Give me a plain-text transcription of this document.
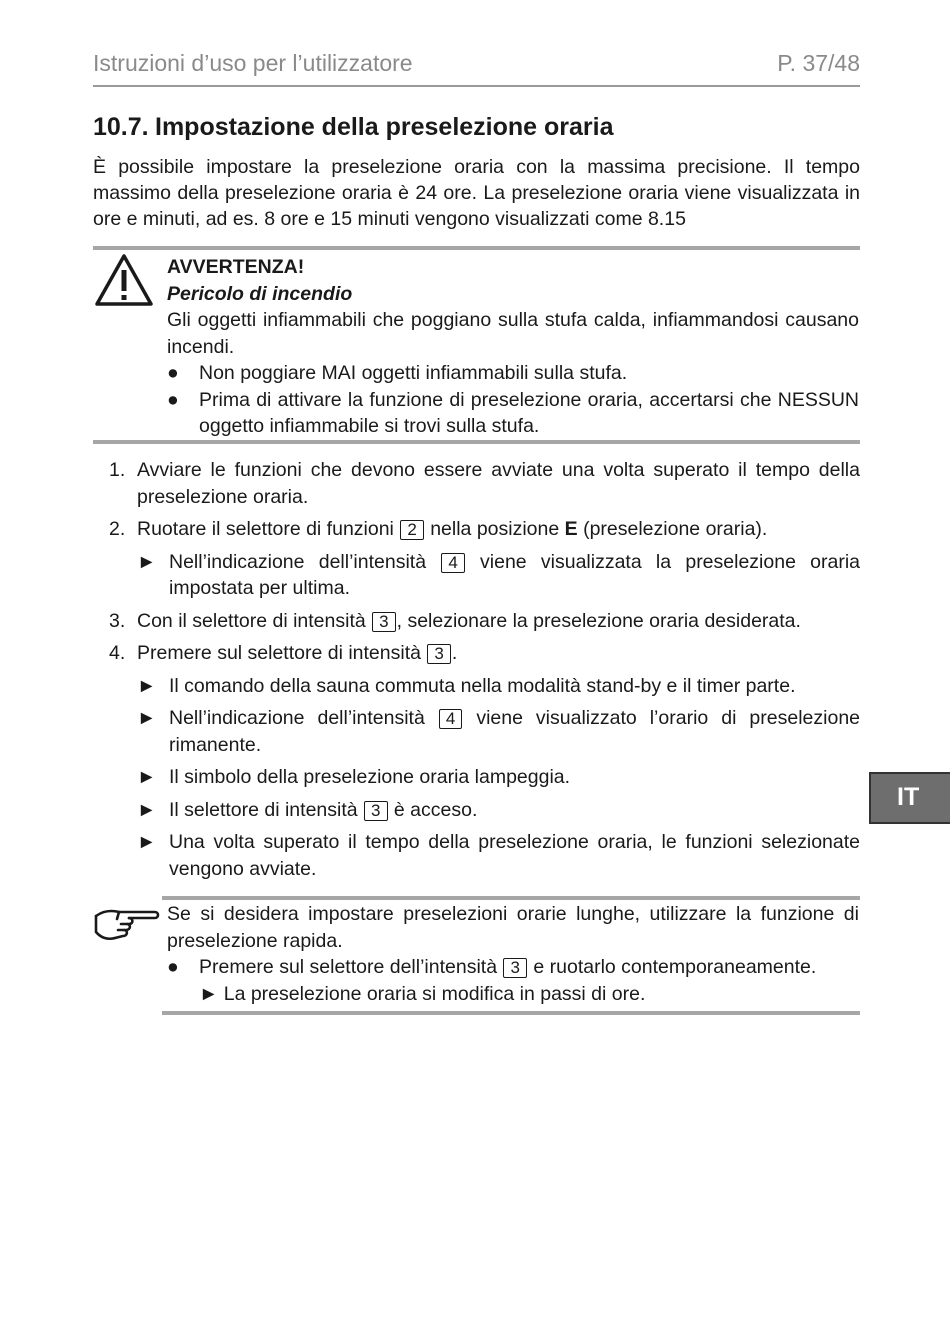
Istruzioni d’uso per l’utilizzatore	P. 37/48
10.7. Impostazione della preselezione oraria
È possibile impostare la preselezione oraria con la massima precisione. Il tempo massimo della preselezione oraria è 24 ore. La preselezione oraria viene visualizzata in ore e minuti, ad es. 8 ore e 15 minuti vengono visualizzati come 8.15
AVVERTENZA!
Pericolo di incendio
Gli oggetti infiammabili che poggiano sulla stufa calda, infiammandosi causano incendi.
●	Non poggiare MAI oggetti infiammabili sulla stufa.
●	Prima di attivare la funzione di preselezione oraria, accertarsi che NESSUN oggetto infiammabile si trovi sulla stufa.
1. Avviare le funzioni che devono essere avviate una volta superato il tempo della preselezione oraria.
2. Ruotare il selettore di funzioni 2 nella posizione E (preselezione oraria).
► Nell’indicazione dell’intensità 4 viene visualizzata la preselezione oraria impostata per ultima.
3. Con il selettore di intensità 3 , selezionare la preselezione oraria desiderata.
4. Premere sul selettore di intensità 3 .
► Il comando della sauna commuta nella modalità stand-by e il timer parte.
► Nell’indicazione dell’intensità 4 viene visualizzato l’orario di preselezione rimanente.
► Il simbolo della preselezione oraria lampeggia.
► Il selettore di intensità 3 è acceso.
► Una volta superato il tempo della preselezione oraria, le funzioni selezionate vengono avviate.
Se si desidera impostare preselezioni orarie lunghe, utilizzare la funzione di preselezione rapida.
●	Premere sul selettore dell’intensità 3 e ruotarlo contemporaneamente.
► La preselezione oraria si modifica in passi di ore.
IT
